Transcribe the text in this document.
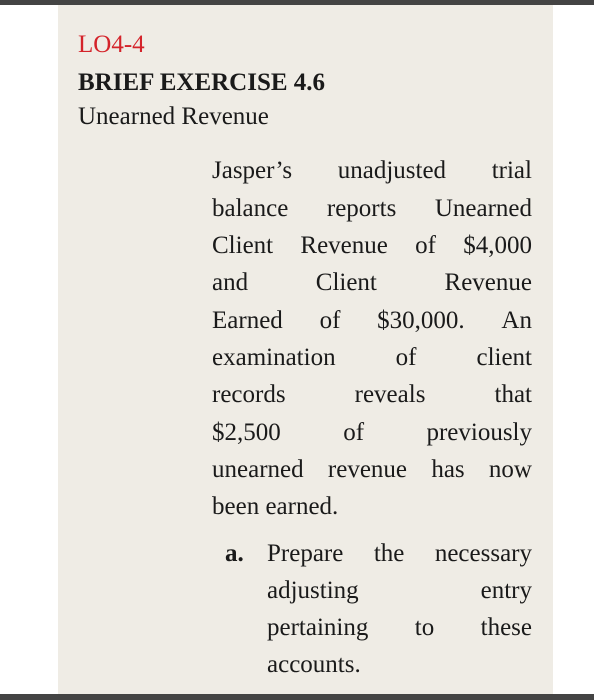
LO4-4
BRIEF EXERCISE 4.6
Unearned Revenue
Jasper’s unadjusted trial
balance reports Unearned
Client Revenue of $4,000
and	Client	Revenue
Earned of $30,000. An
examination of client
records	reveals	that
$2,500 of previously
unearned revenue has now
been earned.
a. Prepare the necessary
adjusting	entry
pertaining to these
accounts.
